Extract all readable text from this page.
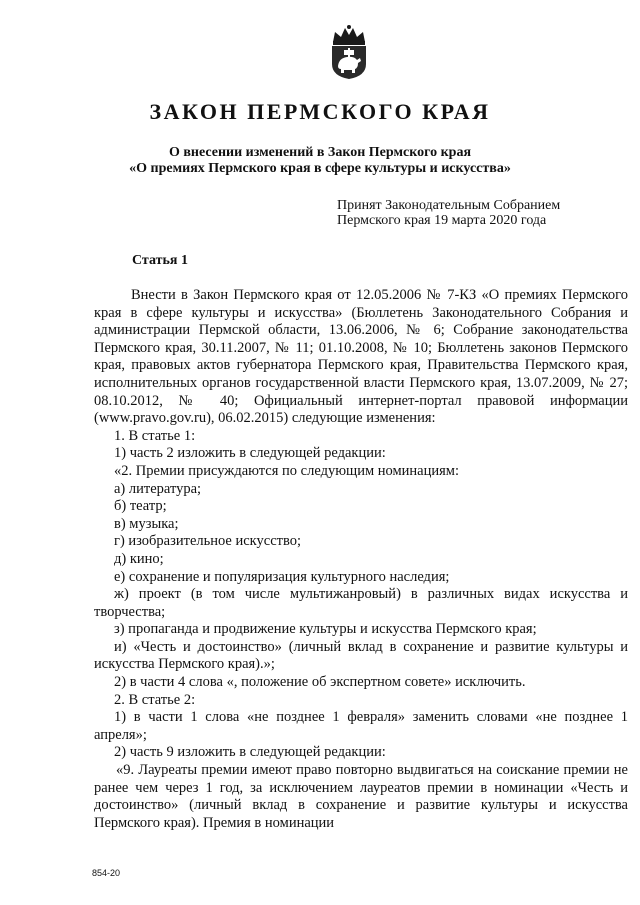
ЗАКОН ПЕРМСКОГО КРАЯ
О внесении изменений в Закон Пермского края
«О премиях Пермского края в сфере культуры и искусства»
Принят Законодательным Собранием
Пермского края 19 марта 2020 года
Статья 1
Внести в Закон Пермского края от 12.05.2006 № 7-КЗ «О премиях Пермского края в сфере культуры и искусства» (Бюллетень Законодательного Собрания и администрации Пермской области, 13.06.2006, № 6; Собрание законодательства Пермского края, 30.11.2007, № 11; 01.10.2008, № 10; Бюллетень законов Пермского края, правовых актов губернатора Пермского края, Правительства Пермского края, исполнительных органов государственной власти Пермского края, 13.07.2009, № 27; 08.10.2012, № 40; Официальный интернет-портал правовой информации (www.pravo.gov.ru), 06.02.2015) следующие изменения:
1. В статье 1:
1) часть 2 изложить в следующей редакции:
«2. Премии присуждаются по следующим номинациям:
а) литература;
б) театр;
в) музыка;
г) изобразительное искусство;
д) кино;
е) сохранение и популяризация культурного наследия;
ж) проект (в том числе мультижанровый) в различных видах искусства и творчества;
з) пропаганда и продвижение культуры и искусства Пермского края;
и) «Честь и достоинство» (личный вклад в сохранение и развитие культуры и искусства Пермского края).»;
2) в части 4 слова «, положение об экспертном совете» исключить.
2. В статье 2:
1) в части 1 слова «не позднее 1 февраля» заменить словами «не позднее 1 апреля»;
2) часть 9 изложить в следующей редакции:
«9. Лауреаты премии имеют право повторно выдвигаться на соискание премии не ранее чем через 1 год, за исключением лауреатов премии в номинации «Честь и достоинство» (личный вклад в сохранение и развитие культуры и искусства Пермского края). Премия в номинации
854-20
